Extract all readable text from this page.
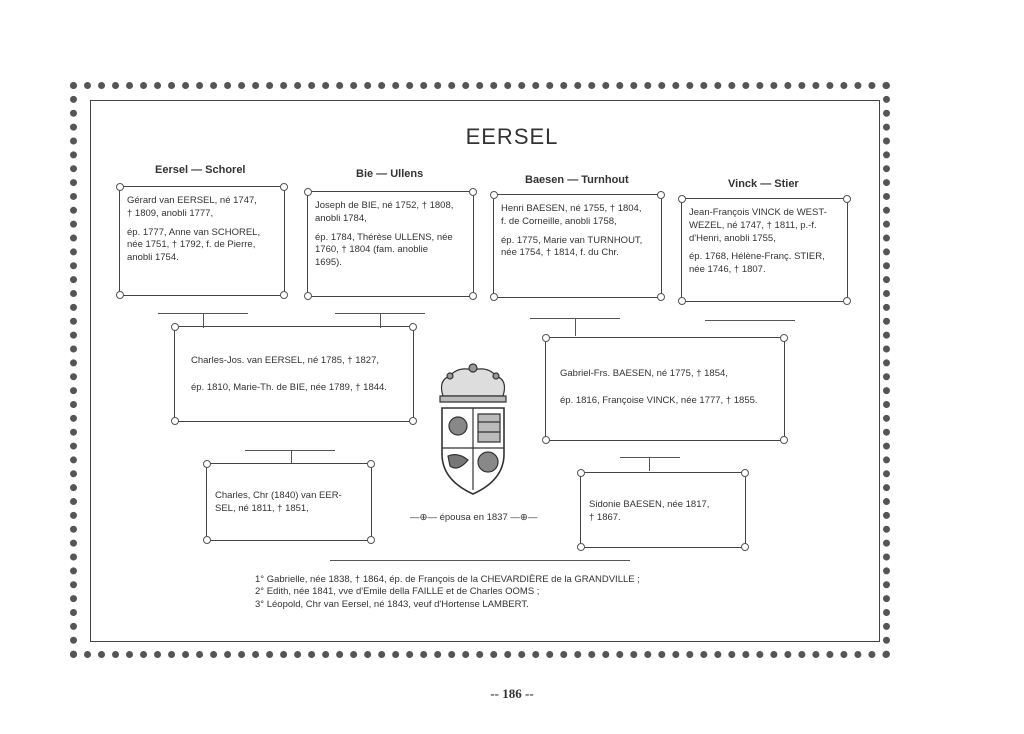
EERSEL
Eersel — Schorel	Bie — Ullens	Baesen — Turnhout	Vinck — Stier

Gérard van EERSEL, né 1747,
† 1809, anobli 1777,

ép. 1777, Anne van SCHOREL,
née 1751, † 1792, f. de Pierre,
anobli 1754.

Joseph de BIE, né 1752, † 1808,
anobli 1784,

ép. 1784, Thérèse ULLENS, née
1760, † 1804 (fam. anoblie
1695).

Henri BAESEN, né 1755, † 1804,
f. de Corneille, anobli 1758,

ép. 1775, Marie van TURNHOUT,
née 1754, † 1814, f. du Chr.

Jean-François VINCK de WEST-
WEZEL, né 1747, † 1811, p.-f.
d'Henri, anobli 1755,

ép. 1768, Hélène-Franç. STIER,
née 1746, † 1807.

Charles-Jos. van EERSEL, né 1785, † 1827,

ép. 1810, Marie-Th. de BIE, née 1789, † 1844.

Gabriel-Frs. BAESEN, né 1775, † 1854,

ép. 1816, Françoise VINCK, née 1777, † 1855.

Charles, Chr (1840) van EER-
SEL, né 1811, † 1851,

—⊕— épousa en 1837 —⊕—

Sidonie BAESEN, née 1817,
† 1867.

1° Gabrielle, née 1838, † 1864, ép. de François de la CHEVARDIÈRE de la GRANDVILLE ;
2° Edith, née 1841, vve d'Emile della FAILLE et de Charles OOMS ;
3° Léopold, Chr van Eersel, né 1843, veuf d'Hortense LAMBERT.
-- 186 --
